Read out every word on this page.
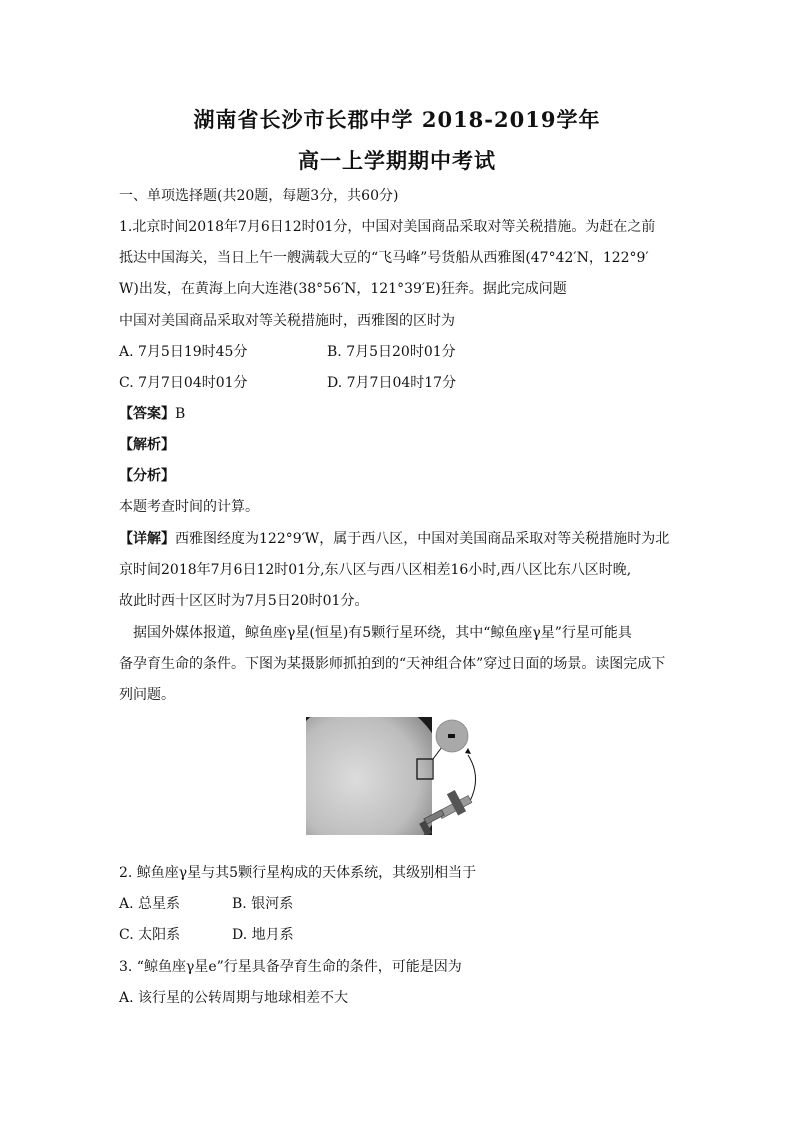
湖南省长沙市长郡中学 2018-2019学年
高一上学期期中考试
一、单项选择题(共20题，每题3分，共60分)
1.北京时间2018年7月6日12时01分，中国对美国商品采取对等关税措施。为赶在之前
抵达中国海关，当日上午一艘满载大豆的“飞马峰”号货船从西雅图(47°42′N，122°9′
W)出发，在黄海上向大连港(38°56′N，121°39′E)狂奔。据此完成问题
中国对美国商品采取对等关税措施时，西雅图的区时为
A. 7月5日19时45分	B. 7月5日20时01分
C. 7月7日04时01分	D. 7月7日04时17分
【答案】B
【解析】
【分析】
本题考查时间的计算。
【详解】西雅图经度为122°9′W，属于西八区，中国对美国商品采取对等关税措施时为北
京时间2018年7月6日12时01分,东八区与西八区相差16小时,西八区比东八区时晚,
故此时西十区区时为7月5日20时01分。
据国外媒体报道，鲸鱼座γ星(恒星)有5颗行星环绕，其中“鲸鱼座γ星”行星可能具
备孕育生命的条件。下图为某摄影师抓拍到的“天神组合体”穿过日面的场景。读图完成下
列问题。
2. 鲸鱼座γ星与其5颗行星构成的天体系统，其级别相当于
A. 总星系	B. 银河系
C. 太阳系	D. 地月系
3. “鲸鱼座γ星e”行星具备孕育生命的条件，可能是因为
A. 该行星的公转周期与地球相差不大
